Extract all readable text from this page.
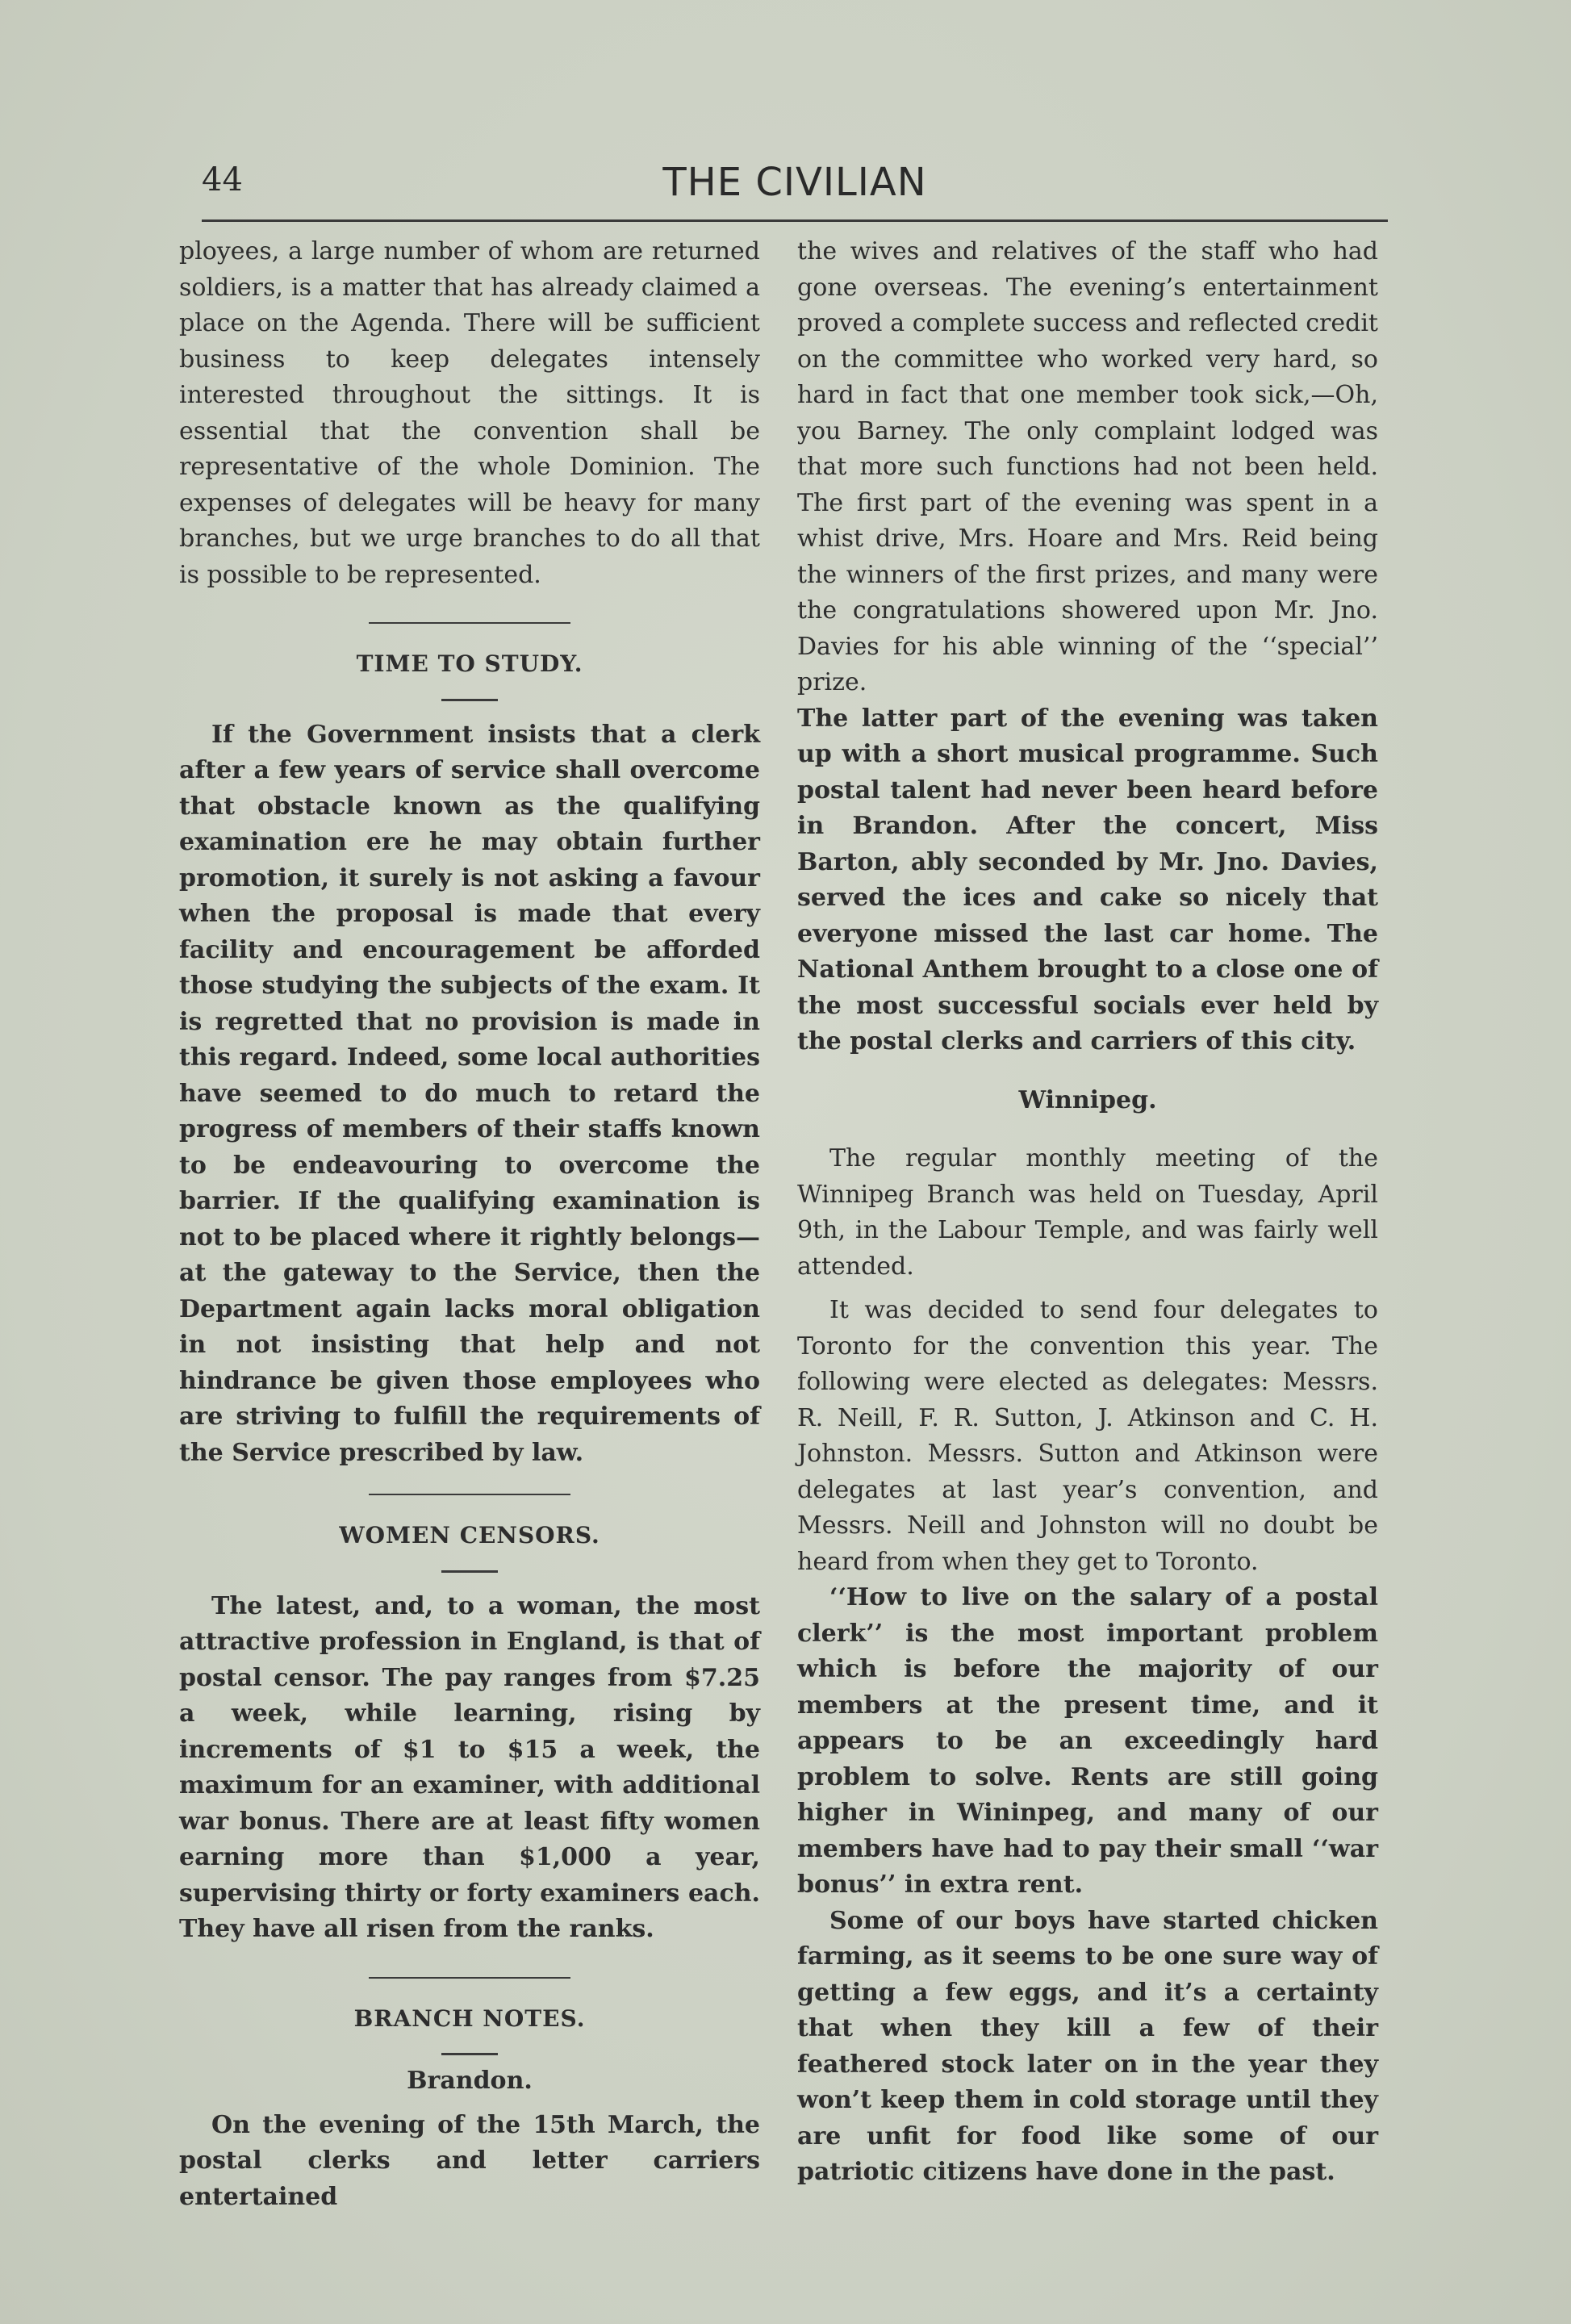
44	THE CIVILIAN

ployees, a large number of whom are returned soldiers, is a matter that has already claimed a place on the Agenda. There will be sufficient business to keep delegates intensely interested throughout the sittings. It is essential that the convention shall be representative of the whole Dominion. The expenses of delegates will be heavy for many branches, but we urge branches to do all that is possible to be represented.

TIME TO STUDY.

If the Government insists that a clerk after a few years of service shall overcome that obstacle known as the qualifying examination ere he may obtain further promotion, it surely is not asking a favour when the proposal is made that every facility and encouragement be afforded those studying the subjects of the exam. It is regretted that no provision is made in this regard. Indeed, some local authorities have seemed to do much to retard the progress of members of their staffs known to be endeavouring to overcome the barrier. If the qualifying examination is not to be placed where it rightly belongs—at the gateway to the Service, then the Department again lacks moral obligation in not insisting that help and not hindrance be given those employees who are striving to fulfill the requirements of the Service prescribed by law.

WOMEN CENSORS.

The latest, and, to a woman, the most attractive profession in England, is that of postal censor. The pay ranges from $7.25 a week, while learning, rising by increments of $1 to $15 a week, the maximum for an examiner, with additional war bonus. There are at least fifty women earning more than $1,000 a year, supervising thirty or forty examiners each. They have all risen from the ranks.

BRANCH NOTES.

Brandon.

On the evening of the 15th March, the postal clerks and letter carriers entertained

the wives and relatives of the staff who had gone overseas. The evening’s entertainment proved a complete success and reflected credit on the committee who worked very hard, so hard in fact that one member took sick,—Oh, you Barney. The only complaint lodged was that more such functions had not been held. The first part of the evening was spent in a whist drive, Mrs. Hoare and Mrs. Reid being the winners of the first prizes, and many were the congratulations showered upon Mr. Jno. Davies for his able winning of the ‘‘special’’ prize.

The latter part of the evening was taken up with a short musical programme. Such postal talent had never been heard before in Brandon. After the concert, Miss Barton, ably seconded by Mr. Jno. Davies, served the ices and cake so nicely that everyone missed the last car home. The National Anthem brought to a close one of the most successful socials ever held by the postal clerks and carriers of this city.

Winnipeg.

The regular monthly meeting of the Winnipeg Branch was held on Tuesday, April 9th, in the Labour Temple, and was fairly well attended.

It was decided to send four delegates to Toronto for the convention this year. The following were elected as delegates: Messrs. R. Neill, F. R. Sutton, J. Atkinson and C. H. Johnston. Messrs. Sutton and Atkinson were delegates at last year’s convention, and Messrs. Neill and Johnston will no doubt be heard from when they get to Toronto.

‘‘How to live on the salary of a postal clerk’’ is the most important problem which is before the majority of our members at the present time, and it appears to be an exceedingly hard problem to solve. Rents are still going higher in Wininpeg, and many of our members have had to pay their small ‘‘war bonus’’ in extra rent.

Some of our boys have started chicken farming, as it seems to be one sure way of getting a few eggs, and it’s a certainty that when they kill a few of their feathered stock later on in the year they won’t keep them in cold storage until they are unfit for food like some of our patriotic citizens have done in the past.
